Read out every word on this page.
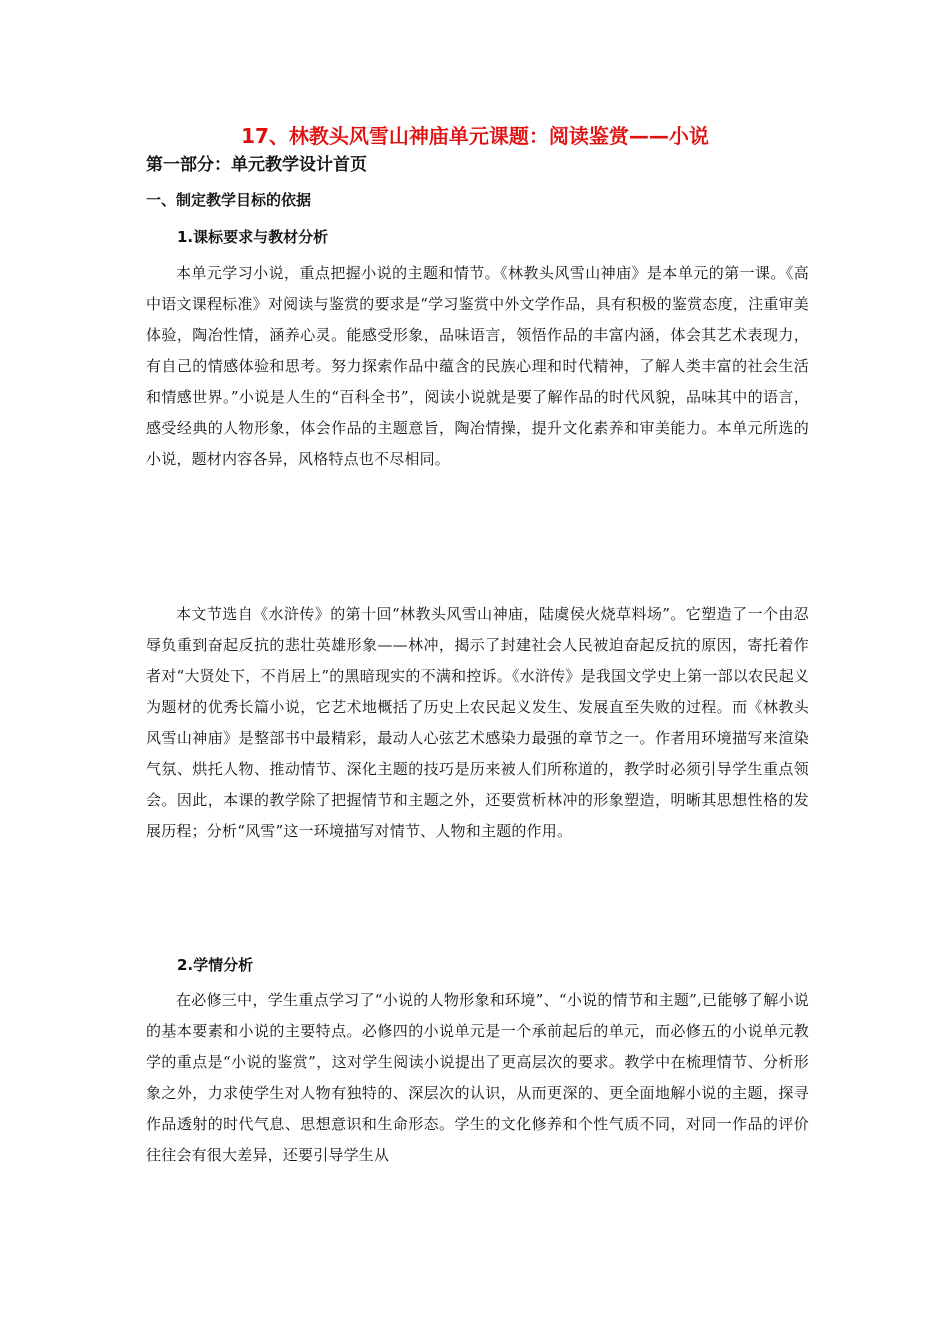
17、林教头风雪山神庙单元课题：阅读鉴赏——小说
第一部分：单元教学设计首页
一、制定教学目标的依据
1.课标要求与教材分析

本单元学习小说，重点把握小说的主题和情节。《林教头风雪山神庙》是本单元的第一课。《高中语文课程标准》对阅读与鉴赏的要求是“学习鉴赏中外文学作品，具有积极的鉴赏态度，注重审美体验，陶冶性情，涵养心灵。能感受形象，品味语言，领悟作品的丰富内涵，体会其艺术表现力，有自己的情感体验和思考。努力探索作品中蕴含的民族心理和时代精神，了解人类丰富的社会生活和情感世界。”小说是人生的“百科全书”，阅读小说就是要了解作品的时代风貌，品味其中的语言，感受经典的人物形象，体会作品的主题意旨，陶冶情操，提升文化素养和审美能力。本单元所选的小说，题材内容各异，风格特点也不尽相同。

本文节选自《水浒传》的第十回“林教头风雪山神庙，陆虞侯火烧草料场”。它塑造了一个由忍辱负重到奋起反抗的悲壮英雄形象——林冲，揭示了封建社会人民被迫奋起反抗的原因，寄托着作者对“大贤处下，不肖居上”的黑暗现实的不满和控诉。《水浒传》是我国文学史上第一部以农民起义为题材的优秀长篇小说，它艺术地概括了历史上农民起义发生、发展直至失败的过程。而《林教头风雪山神庙》是整部书中最精彩，最动人心弦艺术感染力最强的章节之一。作者用环境描写来渲染气氛、烘托人物、推动情节、深化主题的技巧是历来被人们所称道的，教学时必须引导学生重点领会。因此，本课的教学除了把握情节和主题之外，还要赏析林冲的形象塑造，明晰其思想性格的发展历程；分析“风雪”这一环境描写对情节、人物和主题的作用。

2.学情分析

在必修三中，学生重点学习了“小说的人物形象和环境”、“小说的情节和主题”,已能够了解小说的基本要素和小说的主要特点。必修四的小说单元是一个承前起后的单元，而必修五的小说单元教学的重点是“小说的鉴赏”，这对学生阅读小说提出了更高层次的要求。教学中在梳理情节、分析形象之外，力求使学生对人物有独特的、深层次的认识，从而更深的、更全面地解小说的主题，探寻作品透射的时代气息、思想意识和生命形态。学生的文化修养和个性气质不同，对同一作品的评价往往会有很大差异，还要引导学生从
